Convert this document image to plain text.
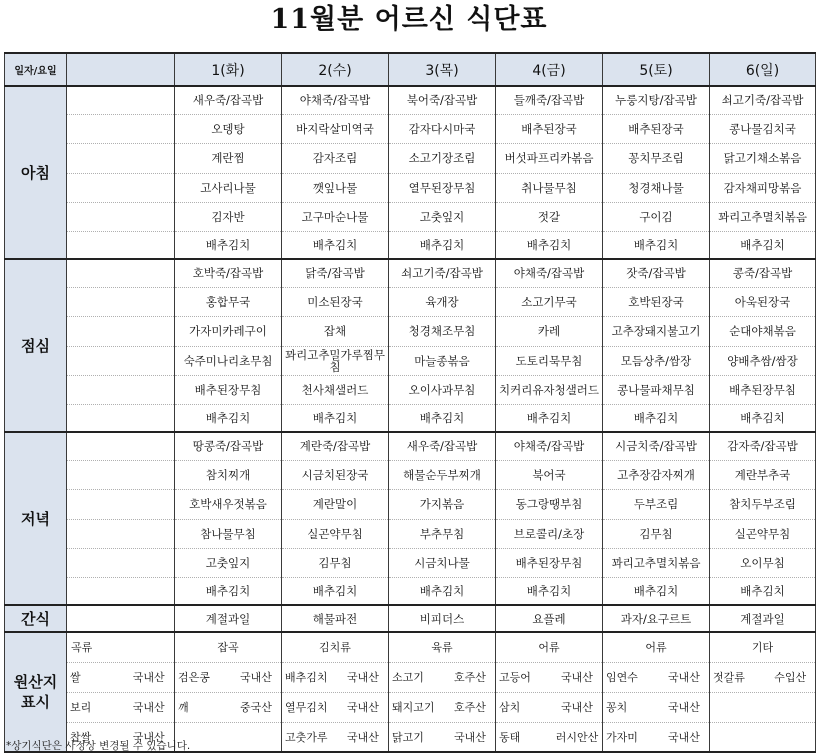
11월분 어르신 식단표
일자/요일		1(화)	2(수)	3(목)	4(금)	5(토)	6(일)
아침		새우죽/잡곡밥	야채죽/잡곡밥	북어죽/잡곡밥	들깨죽/잡곡밥	누룽지탕/잡곡밥	쇠고기죽/잡곡밥
		오뎅탕	바지락살미역국	감자다시마국	배추된장국	배추된장국	콩나물김치국
		계란찜	감자조림	소고기장조림	버섯파프리카볶음	꽁치무조림	닭고기채소볶음
		고사리나물	깻잎나물	열무된장무침	취나물무침	청경채나물	감자채피망볶음
		김자반	고구마순나물	고춧잎지	젓갈	구이김	꽈리고추멸치볶음
		배추김치	배추김치	배추김치	배추김치	배추김치	배추김치
점심		호박죽/잡곡밥	닭죽/잡곡밥	쇠고기죽/잡곡밥	야채죽/잡곡밥	잣죽/잡곡밥	콩죽/잡곡밥
		홍합무국	미소된장국	육개장	소고기무국	호박된장국	아욱된장국
		가자미카레구이	잡채	청경채조무침	카레	고추장돼지불고기	순대야채볶음
		숙주미나리초무침	꽈리고추밀가루찜무침	마늘종볶음	도토리묵무침	모듬상추/쌈장	양배추쌈/쌈장
		배추된장무침	천사채샐러드	오이사과무침	치커리유자청샐러드	콩나물파채무침	배추된장무침
		배추김치	배추김치	배추김치	배추김치	배추김치	배추김치
저녁		땅콩죽/잡곡밥	계란죽/잡곡밥	새우죽/잡곡밥	야채죽/잡곡밥	시금치죽/잡곡밥	감자죽/잡곡밥
		참치찌개	시금치된장국	해물순두부찌개	북어국	고추장감자찌개	계란부추국
		호박새우젓볶음	계란말이	가지볶음	동그랑땡부침	두부조림	참치두부조림
		참나물무침	실곤약무침	부추무침	브로콜리/초장	김무침	실곤약무침
		고춧잎지	김무침	시금치나물	배추된장무침	꽈리고추멸치볶음	오이무침
		배추김치	배추김치	배추김치	배추김치	배추김치	배추김치
간식		계절과일	해물파전	비피더스	요플레	과자/요구르트	계절과일
원산지
표시	곡류	잡곡	김치류	육류	어류	어류	기타

	쌀 국내산	검은콩 국내산	배추김치 국내산	소고기 호주산	고등어 국내산	임연수 국내산	젓갈류 수입산

	보리 국내산	깨 중국산	열무김치 국내산	돼지고기 호주산	삼치 국내산	꽁치 국내산	

	찹쌀 국내산		고춧가루 국내산	닭고기 국내산	동태 러시안산	가자미 국내산	

*상기식단은 사정상 변경될 수 있습니다.
